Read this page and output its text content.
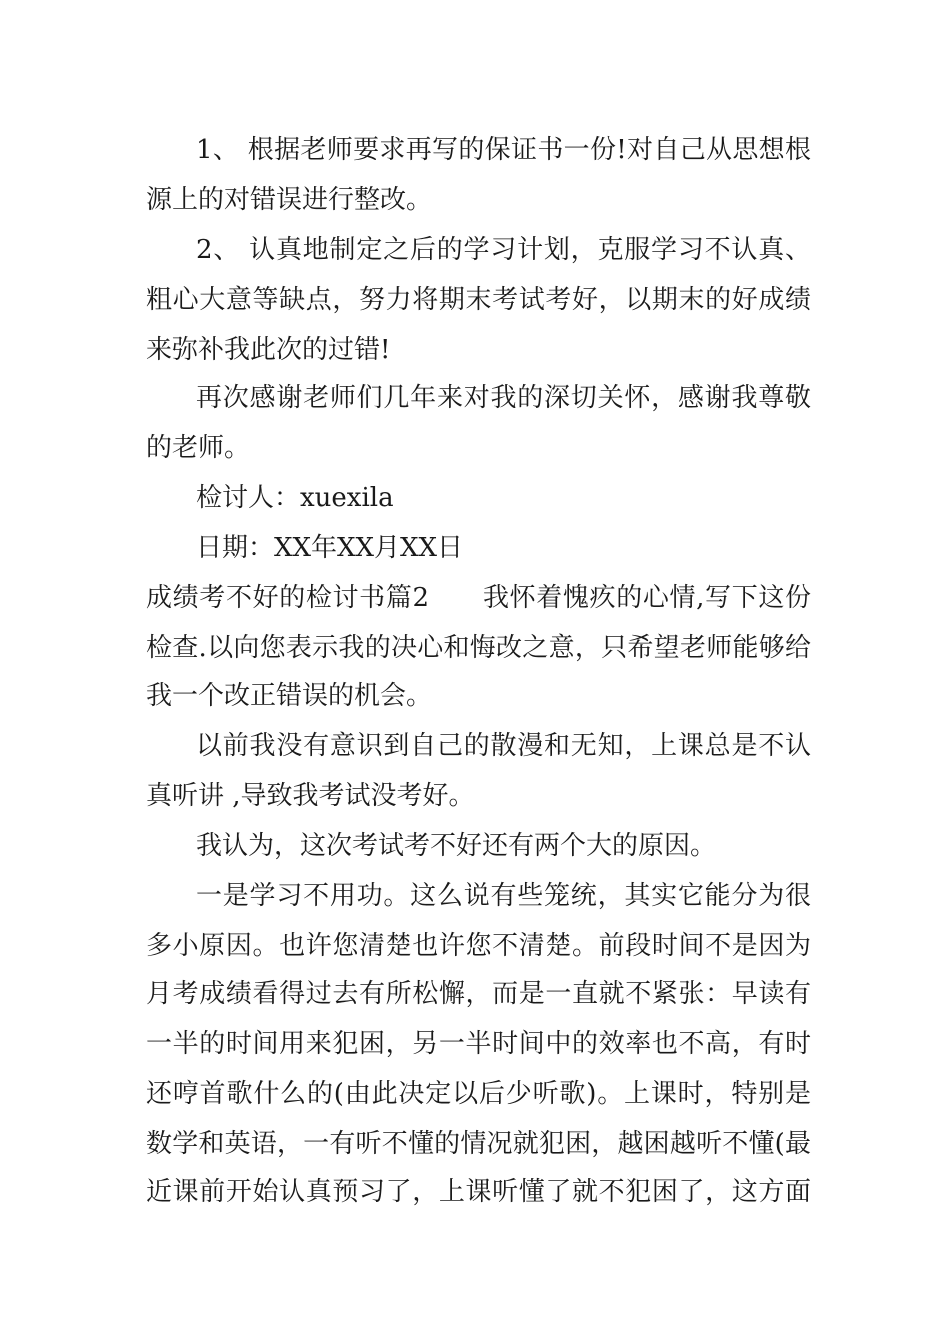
1、 根据老师要求再写的保证书一份!对自己从思想根
源上的对错误进行整改。
2、 认真地制定之后的学习计划，克服学习不认真、
粗心大意等缺点，努力将期末考试考好，以期末的好成绩
来弥补我此次的过错!
再次感谢老师们几年来对我的深切关怀，感谢我尊敬
的老师。
检讨人：xuexila
日期：XX年XX月XX日
成绩考不好的检讨书篇2　　我怀着愧疚的心情,写下这份
检查.以向您表示我的决心和悔改之意，只希望老师能够给
我一个改正错误的机会。
以前我没有意识到自己的散漫和无知，上课总是不认
真听讲 ,导致我考试没考好。
我认为，这次考试考不好还有两个大的原因。
一是学习不用功。这么说有些笼统，其实它能分为很
多小原因。也许您清楚也许您不清楚。前段时间不是因为
月考成绩看得过去有所松懈，而是一直就不紧张：早读有
一半的时间用来犯困，另一半时间中的效率也不高，有时
还哼首歌什么的(由此决定以后少听歌)。上课时，特别是
数学和英语，一有听不懂的情况就犯困，越困越听不懂(最
近课前开始认真预习了，上课听懂了就不犯困了，这方面
